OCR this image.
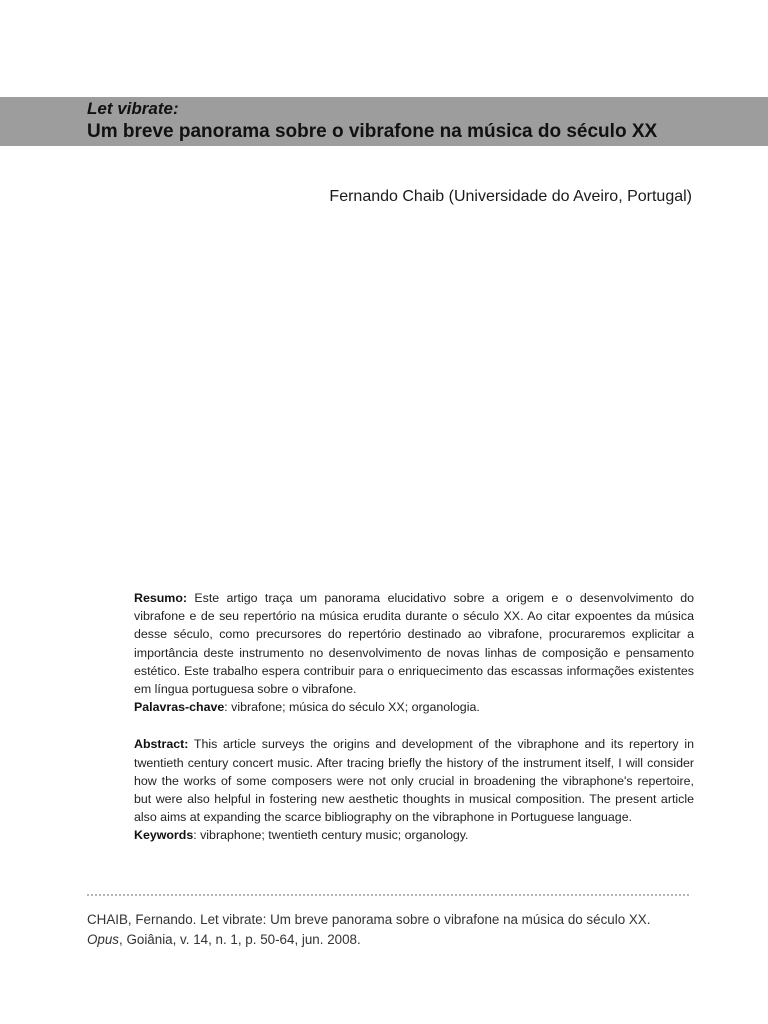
Let vibrate:
Um breve panorama sobre o vibrafone na música do século XX
Fernando Chaib (Universidade do Aveiro, Portugal)

Resumo: Este artigo traça um panorama elucidativo sobre a origem e o desenvolvimento do vibrafone e de seu repertório na música erudita durante o século XX. Ao citar expoentes da música desse século, como precursores do repertório destinado ao vibrafone, procuraremos explicitar a importância deste instrumento no desenvolvimento de novas linhas de composição e pensamento estético. Este trabalho espera contribuir para o enriquecimento das escassas informações existentes em língua portuguesa sobre o vibrafone.

Palavras-chave: vibrafone; música do século XX; organologia.

Abstract: This article surveys the origins and development of the vibraphone and its repertory in twentieth century concert music. After tracing briefly the history of the instrument itself, I will consider how the works of some composers were not only crucial in broadening the vibraphone's repertoire, but were also helpful in fostering new aesthetic thoughts in musical composition. The present article also aims at expanding the scarce bibliography on the vibraphone in Portuguese language.

Keywords: vibraphone; twentieth century music; organology.

CHAIB, Fernando. Let vibrate: Um breve panorama sobre o vibrafone na música do século XX.

Opus, Goiânia, v. 14, n. 1, p. 50-64, jun. 2008.
